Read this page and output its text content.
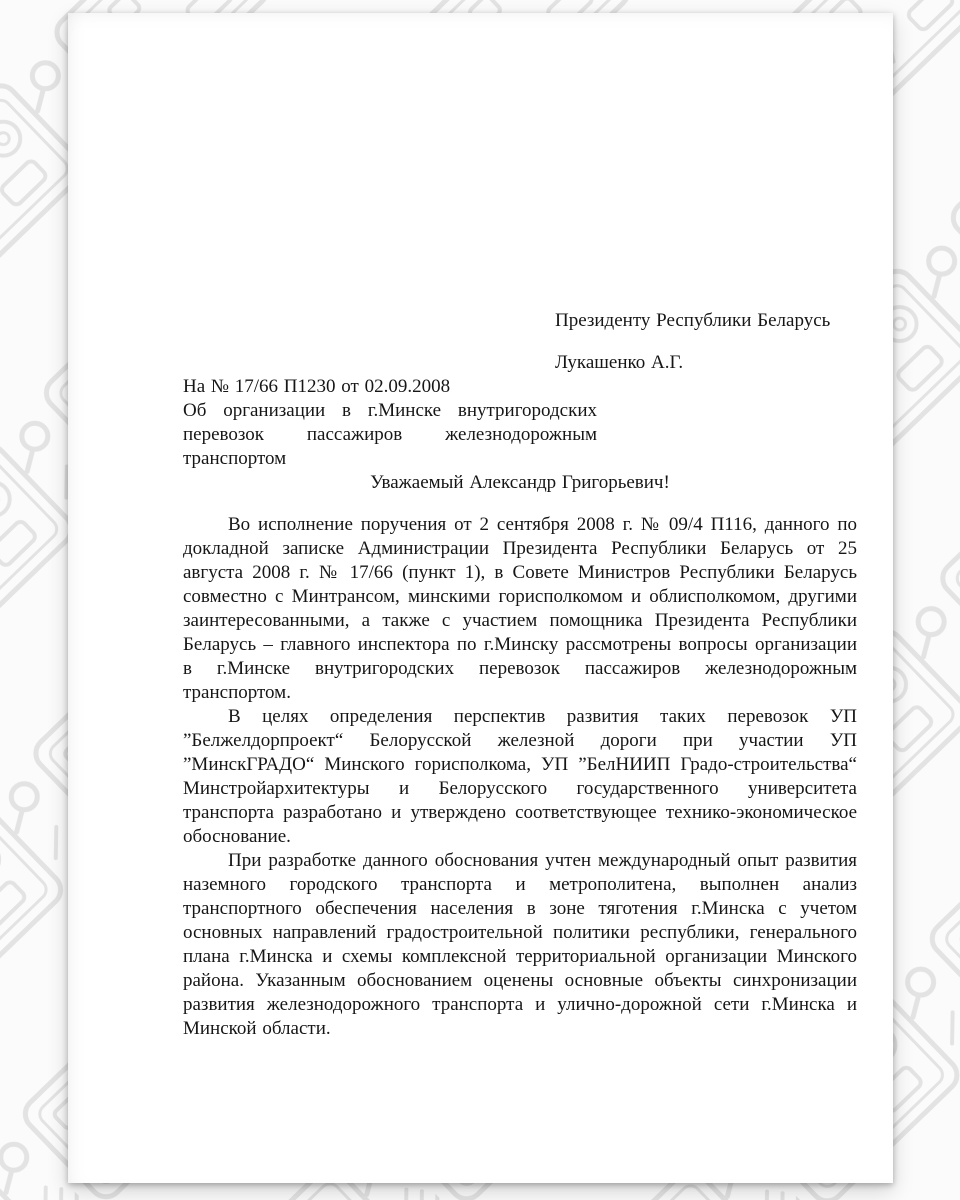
Президенту Республики Беларусь

Лукашенко А.Г.

На № 17/66 П1230 от 02.09.2008

Об организации в г.Минске внутригородских перевозок пассажиров железнодорожным транспортом

Уважаемый Александр Григорьевич!

Во исполнение поручения от 2 сентября 2008 г. № 09/4 П116, данного по докладной записке Администрации Президента Республики Беларусь от 25 августа 2008 г. № 17/66 (пункт 1), в Совете Министров Республики Беларусь совместно с Минтрансом, минскими горисполкомом и облисполкомом, другими заинтересованными, а также с участием помощника Президента Республики Беларусь – главного инспектора по г.Минску рассмотрены вопросы организации в г.Минске внутригородских перевозок пассажиров железнодорожным транспортом.

В целях определения перспектив развития таких перевозок УП ”Белжелдорпроект“ Белорусской железной дороги при участии УП ”МинскГРАДО“ Минского горисполкома, УП ”БелНИИП Градо-строительства“ Минстройархитектуры и Белорусского государственного университета транспорта разработано и утверждено соответствующее технико-экономическое обоснование.

При разработке данного обоснования учтен международный опыт развития наземного городского транспорта и метрополитена, выполнен анализ транспортного обеспечения населения в зоне тяготения г.Минска с учетом основных направлений градостроительной политики республики, генерального плана г.Минска и схемы комплексной территориальной организации Минского района. Указанным обоснованием оценены основные объекты синхронизации развития железнодорожного транспорта и улично-дорожной сети г.Минска и Минской области.
